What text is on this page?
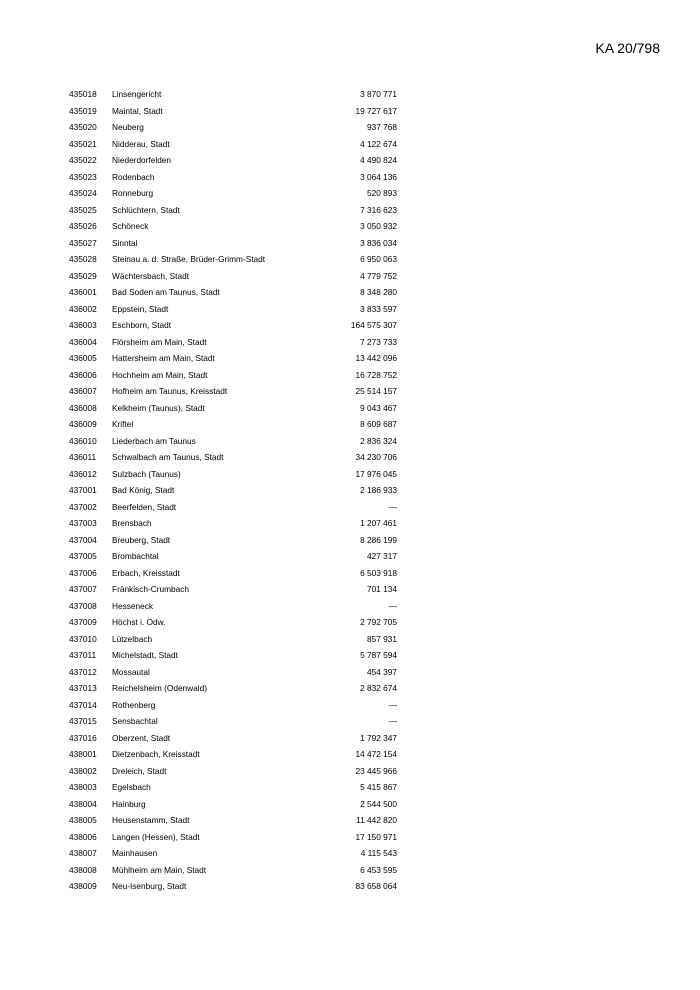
KA 20/798
435018 Linsengericht	3 870 771
435019 Maintal, Stadt	19 727 617
435020 Neuberg	937 768
435021 Nidderau, Stadt	4 122 674
435022 Niederdorfelden	4 490 824
435023 Rodenbach	3 064 136
435024 Ronneburg	520 893
435025 Schlüchtern, Stadt	7 316 623
435026 Schöneck	3 050 932
435027 Sinntal	3 836 034
435028 Steinau a. d. Straße, Brüder-Grimm-Stadt	6 950 063
435029 Wächtersbach, Stadt	4 779 752
436001 Bad Soden am Taunus, Stadt	8 348 280
436002 Eppstein, Stadt	3 833 597
436003 Eschborn, Stadt	164 575 307
436004 Flörsheim am Main, Stadt	7 273 733
436005 Hattersheim am Main, Stadt	13 442 096
436006 Hochheim am Main, Stadt	16 728 752
436007 Hofheim am Taunus, Kreisstadt	25 514 157
436008 Kelkheim (Taunus), Stadt	9 043 467
436009 Kriftel	8 609 687
436010 Liederbach am Taunus	2 836 324
436011 Schwalbach am Taunus, Stadt	34 230 706
436012 Sulzbach (Taunus)	17 976 045
437001 Bad König, Stadt	2 186 933
437002 Beerfelden, Stadt	—
437003 Brensbach	1 207 461
437004 Breuberg, Stadt	8 286 199
437005 Brombachtal	427 317
437006 Erbach, Kreisstadt	6 503 918
437007 Fränkisch-Crumbach	701 134
437008 Hesseneck	—
437009 Höchst i. Odw.	2 792 705
437010 Lützelbach	857 931
437011 Michelstadt, Stadt	5 787 594
437012 Mossautal	454 397
437013 Reichelsheim (Odenwald)	2 832 674
437014 Rothenberg	—
437015 Sensbachtal	—
437016 Oberzent, Stadt	1 792 347
438001 Dietzenbach, Kreisstadt	14 472 154
438002 Dreieich, Stadt	23 445 966
438003 Egelsbach	5 415 867
438004 Hainburg	2 544 500
438005 Heusenstamm, Stadt	11 442 820
438006 Langen (Hessen), Stadt	17 150 971
438007 Mainhausen	4 115 543
438008 Mühlheim am Main, Stadt	6 453 595
438009 Neu-Isenburg, Stadt	83 658 064
